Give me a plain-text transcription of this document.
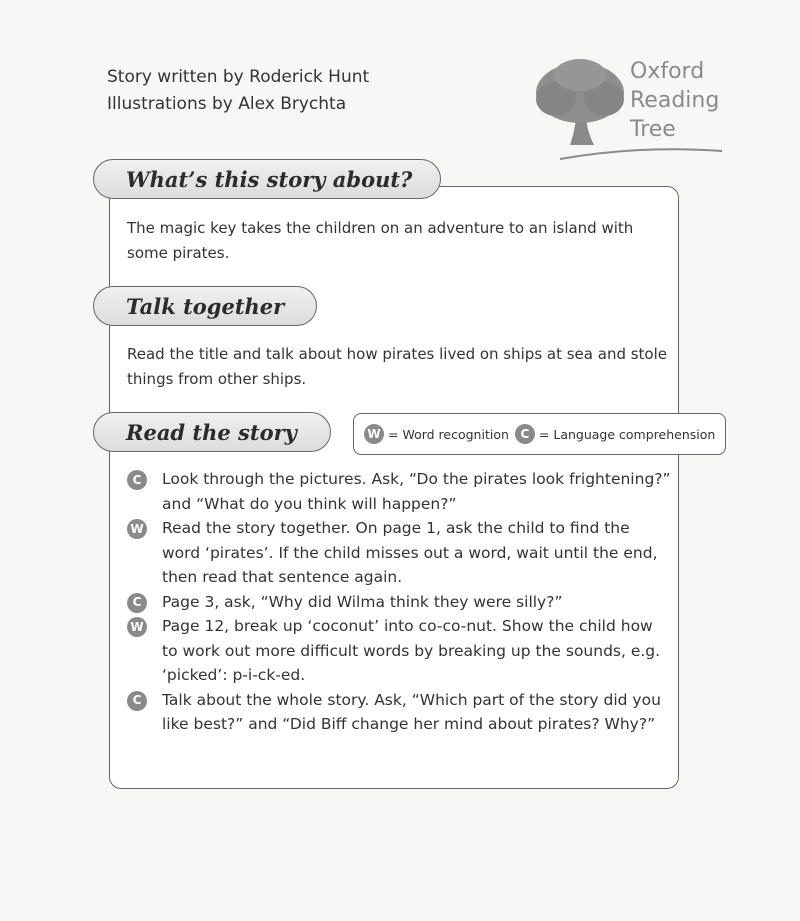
Story written by Roderick Hunt
Illustrations by Alex Brychta
Oxford
Reading
Tree
What’s this story about?
The magic key takes the children on an adventure to an island with some pirates.
Talk together
Read the title and talk about how pirates lived on ships at sea and stole things from other ships.
Read the story	W = Word recognition C = Language comprehension
C	Look through the pictures. Ask, “Do the pirates look frightening?” and “What do you think will happen?”
W Read the story together. On page 1, ask the child to find the word ‘pirates’. If the child misses out a word, wait until the end, then read that sentence again.
C	Page 3, ask, “Why did Wilma think they were silly?”
W Page 12, break up ‘coconut’ into co-co-nut. Show the child how to work out more difficult words by breaking up the sounds, e.g. ‘picked’: p-i-ck-ed.
C	Talk about the whole story. Ask, “Which part of the story did you like best?” and “Did Biff change her mind about pirates? Why?”
